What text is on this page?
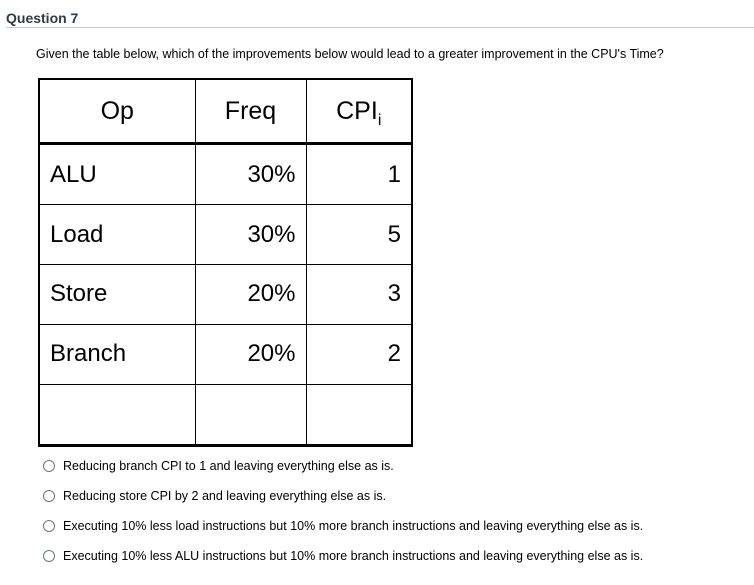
Question 7
Given the table below, which of the improvements below would lead to a greater improvement in the CPU's Time?
Op	Freq	$CPI_i$
ALU	30%	1
Load	30%	5
Store	20%	3
Branch	20%	2

Reducing branch CPI to 1 and leaving everything else as is.
Reducing store CPI by 2 and leaving everything else as is.
Executing 10% less load instructions but 10% more branch instructions and leaving everything else as is.
Executing 10% less ALU instructions but 10% more branch instructions and leaving everything else as is.
